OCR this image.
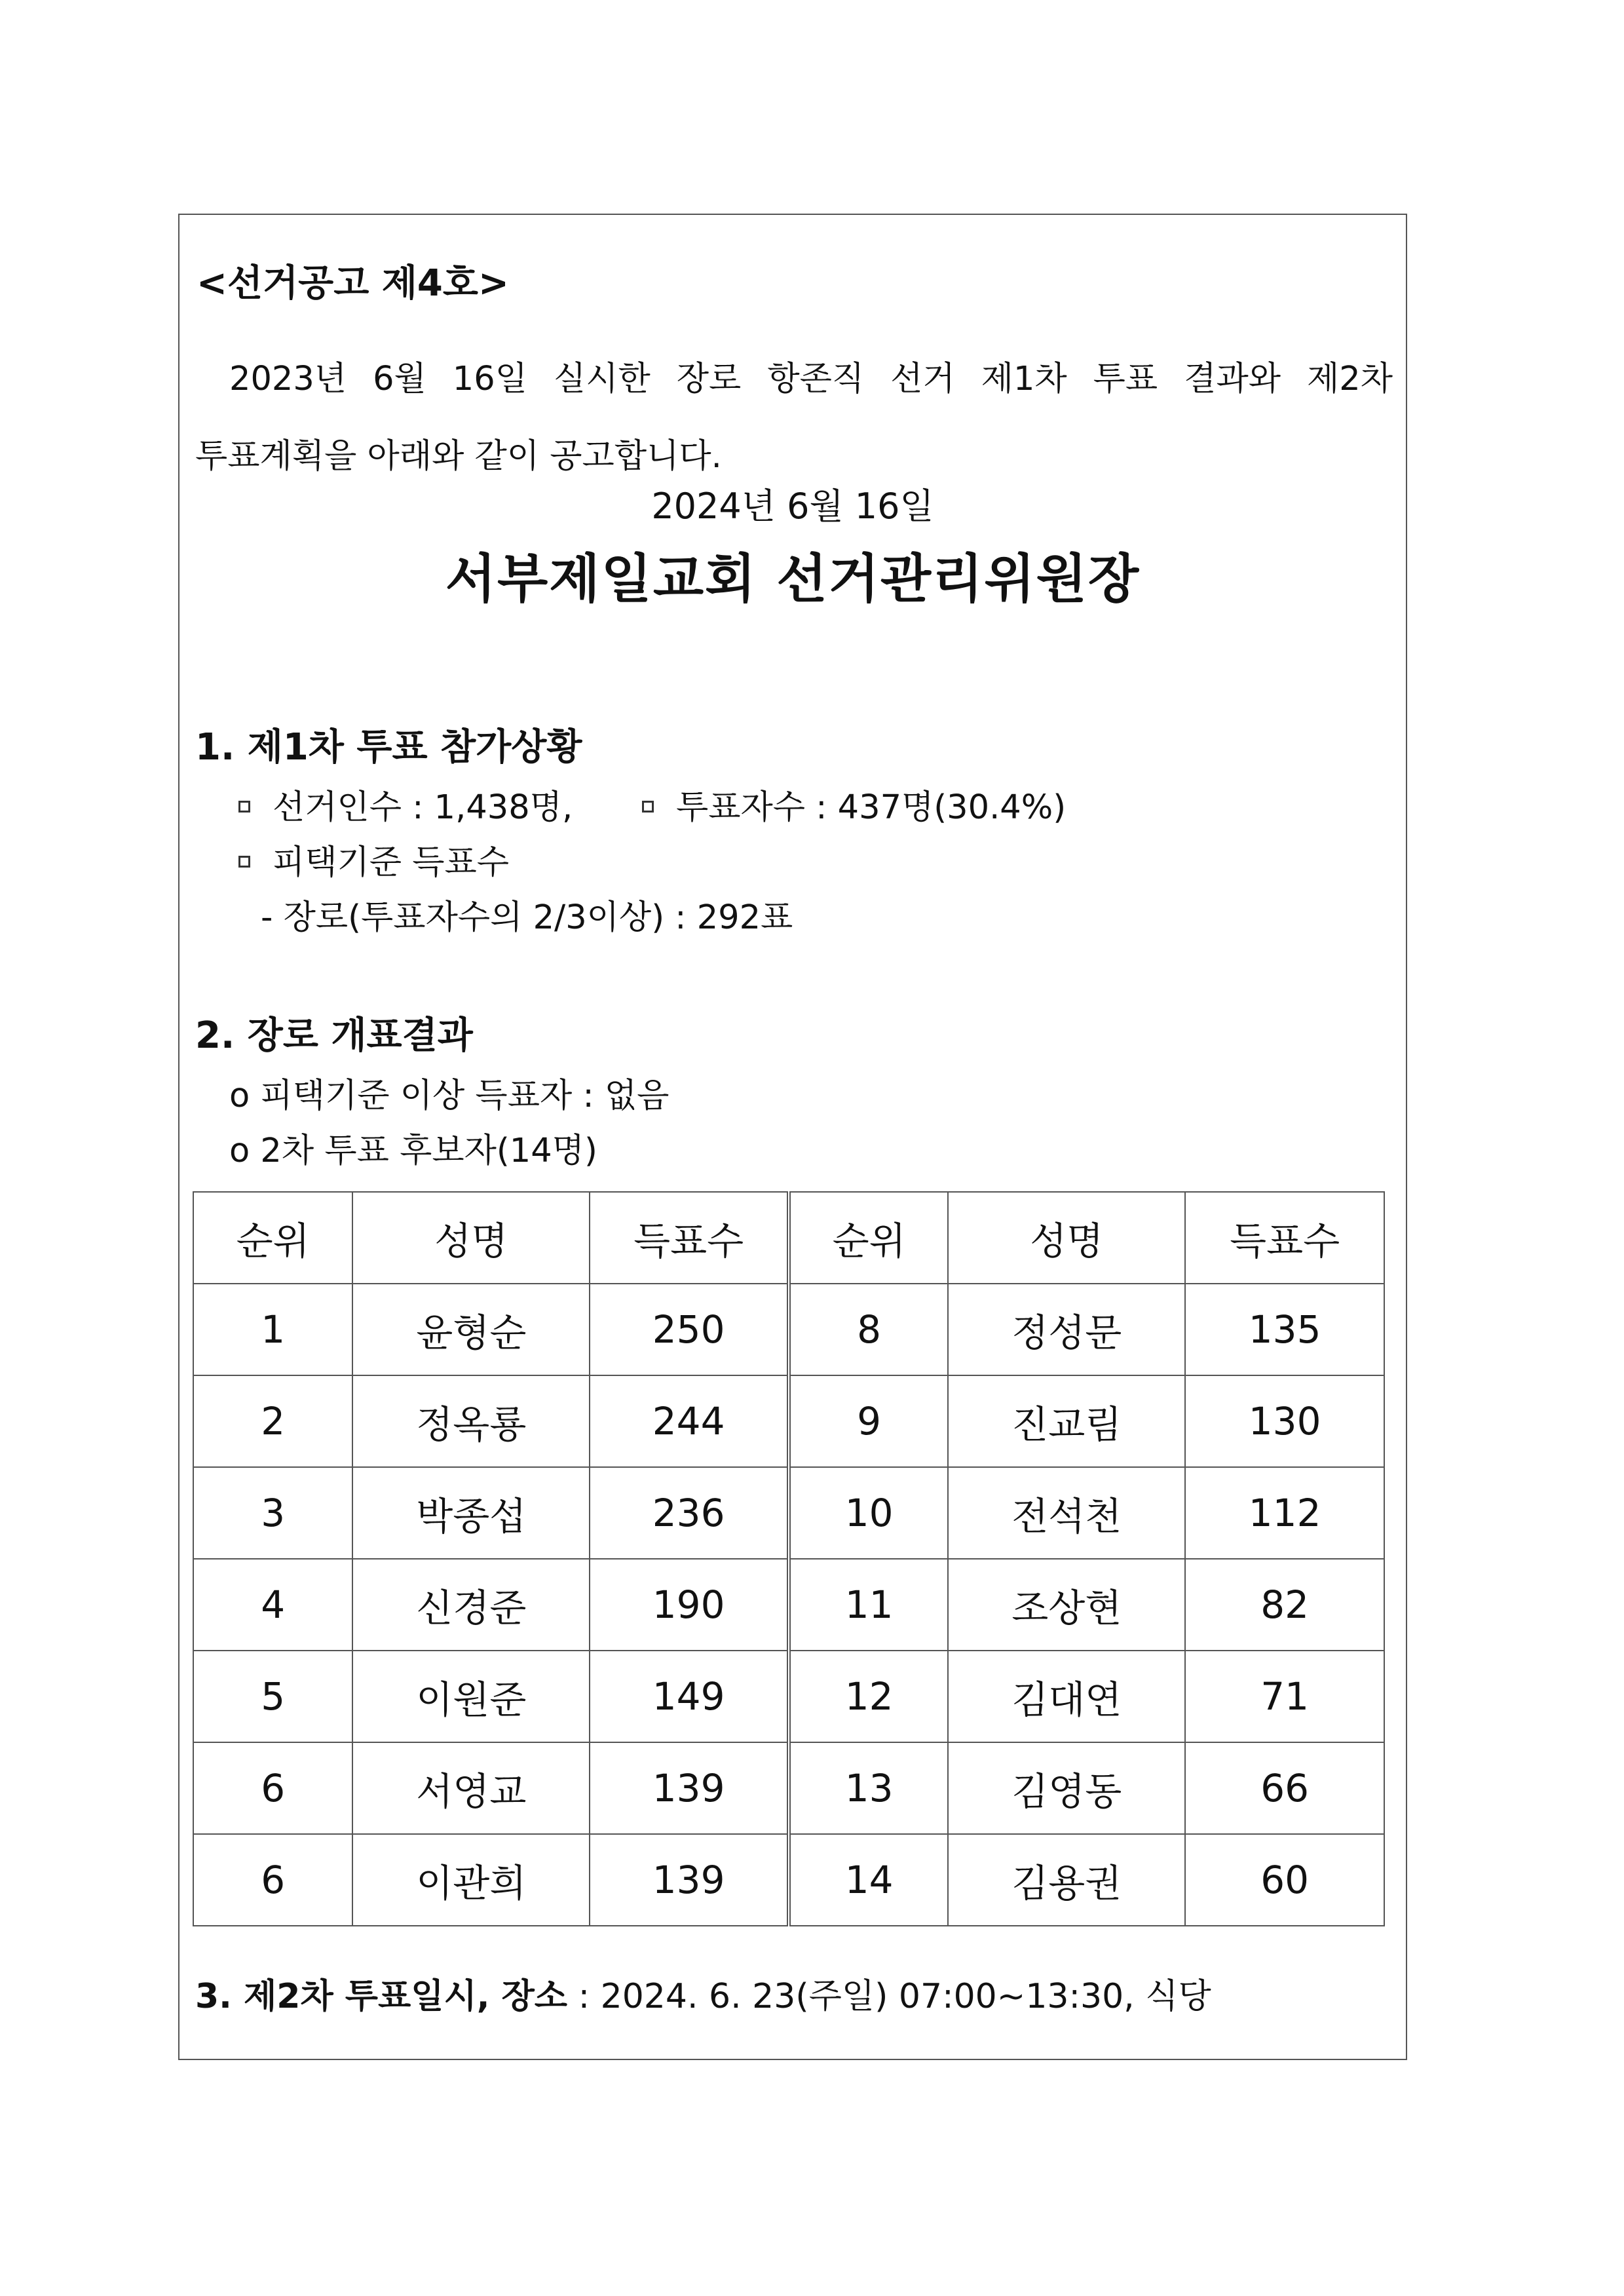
<선거공고 제4호>
2023년 6월 16일 실시한 장로 항존직 선거 제1차 투표 결과와 제2차
투표계획을 아래와 같이 공고합니다.
2024년 6월 16일
서부제일교회 선거관리위원장
1. 제1차 투표 참가상황
선거인수 : 1,438명,	투표자수 : 437명(30.4%)
피택기준 득표수
- 장로(투표자수의 2/3이상) : 292표
2. 장로 개표결과
o 피택기준 이상 득표자 : 없음
o 2차 투표 후보자(14명)
순위	성명	득표수	순위	성명	득표수
1	윤형순	250	8	정성문	135
2	정옥룡	244	9	진교림	130
3	박종섭	236	10	전석천	112
4	신경준	190	11	조상현	82
5	이원준	149	12	김대연	71
6	서영교	139	13	김영동	66
6	이관희	139	14	김용권	60
3. 제2차 투표일시, 장소 : 2024. 6. 23(주일) 07:00~13:30, 식당
